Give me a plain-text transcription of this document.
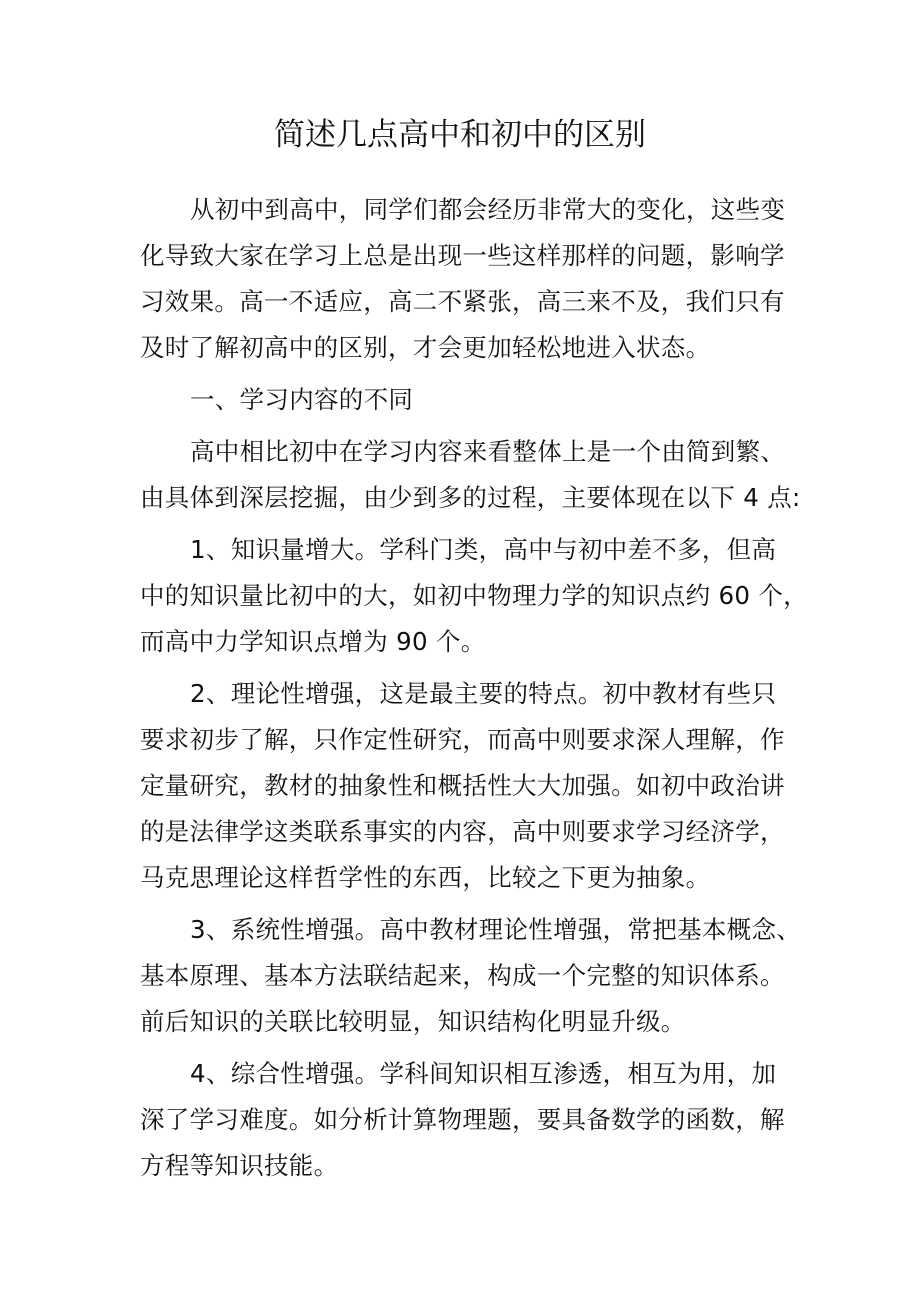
简述几点高中和初中的区别
从初中到高中，同学们都会经历非常大的变化，这些变
化导致大家在学习上总是出现一些这样那样的问题，影响学
习效果。高一不适应，高二不紧张，高三来不及，我们只有
及时了解初高中的区别，才会更加轻松地进入状态。
一、学习内容的不同
高中相比初中在学习内容来看整体上是一个由简到繁、
由具体到深层挖掘，由少到多的过程，主要体现在以下 4 点:
1、知识量增大。学科门类，高中与初中差不多，但高
中的知识量比初中的大，如初中物理力学的知识点约 60 个，
而高中力学知识点增为 90 个。
2、理论性增强，这是最主要的特点。初中教材有些只
要求初步了解，只作定性研究，而高中则要求深人理解，作
定量研究，教材的抽象性和概括性大大加强。如初中政治讲
的是法律学这类联系事实的内容，高中则要求学习经济学，
马克思理论这样哲学性的东西，比较之下更为抽象。
3、系统性增强。高中教材理论性增强，常把基本概念、
基本原理、基本方法联结起来，构成一个完整的知识体系。
前后知识的关联比较明显，知识结构化明显升级。
4、综合性增强。学科间知识相互渗透，相互为用，加
深了学习难度。如分析计算物理题，要具备数学的函数，解
方程等知识技能。
